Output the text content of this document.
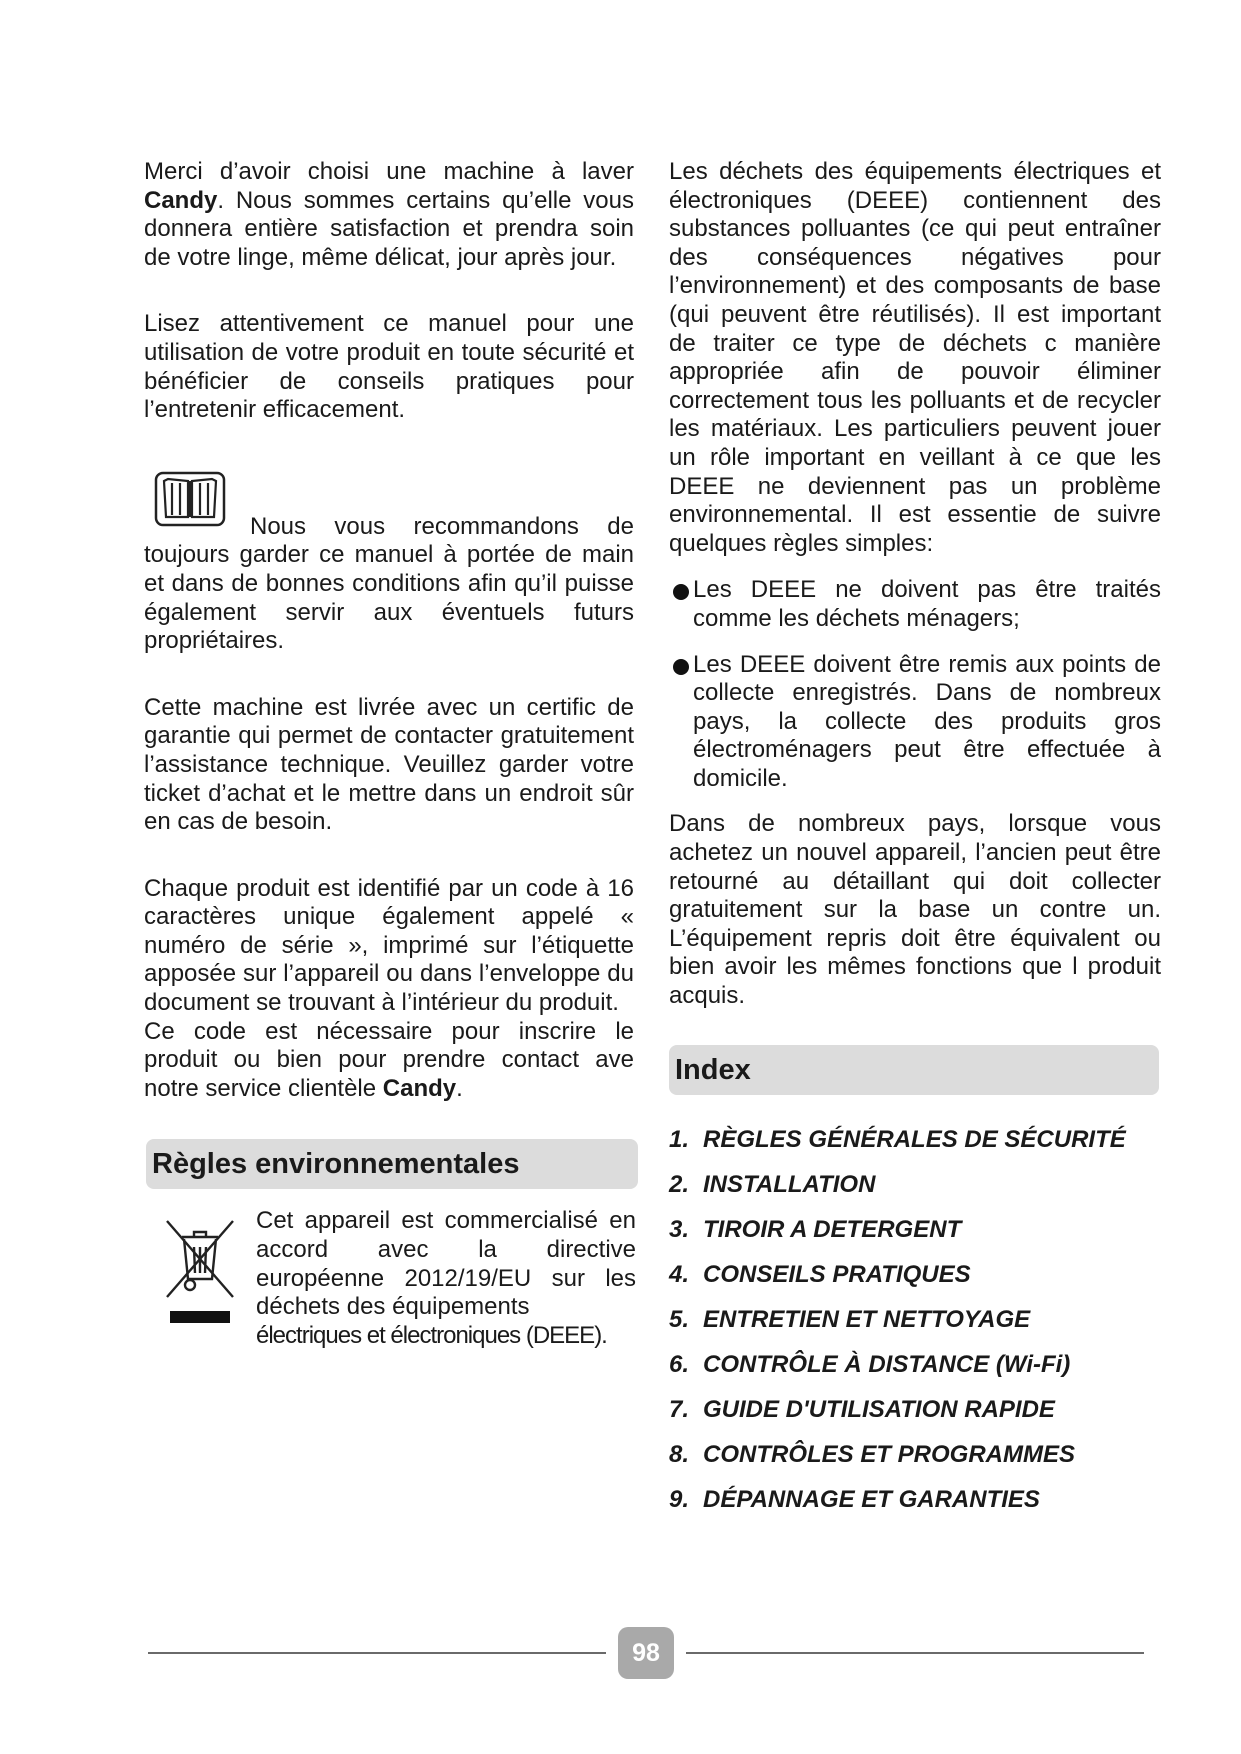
Merci d’avoir choisi une machine à laver Candy. Nous sommes certains qu’elle vous donnera entière satisfaction et prendra soin de votre linge, même délicat, jour après jour.

Lisez attentivement ce manuel pour une utilisation de votre produit en toute sécurité et bénéficier de conseils pratiques pour l’entretenir efficacement.

Nous vous recommandons de toujours garder ce manuel à portée de main et dans de bonnes conditions afin qu’il puisse également servir aux éventuels futurs propriétaires.

Cette machine est livrée avec un certific de garantie qui permet de contacter gratuitement l’assistance technique. Veuillez garder votre ticket d’achat et le mettre dans un endroit sûr en cas de besoin.

Chaque produit est identifié par un code à 16 caractères unique également appelé « numéro de série », imprimé sur l’étiquette apposée sur l’appareil ou dans l’enveloppe du document se trouvant à l’intérieur du produit.

Ce code est nécessaire pour inscrire le produit ou bien pour prendre contact ave notre service clientèle Candy.

Règles environnementales

Cet appareil est commercialisé en accord avec la directive européenne 2012/19/EU sur les déchets des équipements

électriques et électroniques (DEEE).

Les déchets des équipements électriques et électroniques (DEEE) contiennent des substances polluantes (ce qui peut entraîner des conséquences négatives pour l’environnement) et des composants de base (qui peuvent être réutilisés). Il est important de traiter ce type de déchets c manière appropriée afin de pouvoir éliminer correctement tous les polluants et de recycler les matériaux. Les particuliers peuvent jouer un rôle important en veillant à ce que les DEEE ne deviennent pas un problème environnemental. Il est essentie de suivre quelques règles simples:

Les DEEE ne doivent pas être traités comme les déchets ménagers;
Les DEEE doivent être remis aux points de collecte enregistrés. Dans de nombreux pays, la collecte des produits gros électroménagers peut être effectuée à domicile.

Dans de nombreux pays, lorsque vous achetez un nouvel appareil, l’ancien peut être retourné au détaillant qui doit collecter gratuitement sur la base un contre un. L’équipement repris doit être équivalent ou bien avoir les mêmes fonctions que l produit acquis.

Index
1. RÈGLES GÉNÉRALES DE SÉCURITÉ
2. INSTALLATION
3. TIROIR A DETERGENT
4. CONSEILS PRATIQUES
5. ENTRETIEN ET NETTOYAGE
6. CONTRÔLE À DISTANCE (Wi-Fi)
7. GUIDE D'UTILISATION RAPIDE
8. CONTRÔLES ET PROGRAMMES
9. DÉPANNAGE ET GARANTIES
98
